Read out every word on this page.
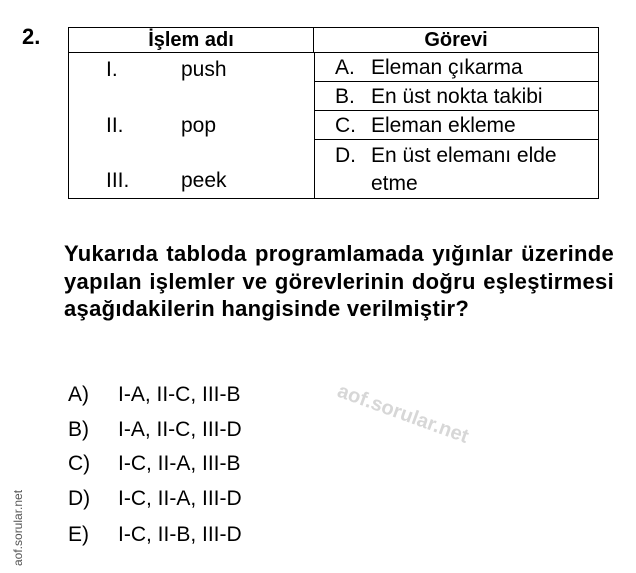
2.	İşlem adı	Görevi
I.	push
II.	pop
III. peek
A. Eleman çıkarma
B. En üst nokta takibi
C. Eleman ekleme
D. En üst elemanı elde
etme
Yukarıda tabloda programlamada yığınlar üzerinde yapılan işlemler ve görevlerinin doğru eşleştirmesi aşağıdakilerin hangisinde verilmiştir?
aof.sorular.net
A) I-A, II-C, III-B
B) I-A, II-C, III-D
C) I-C, II-A, III-B
D) I-C, II-A, III-D
E) I-C, II-B, III-D
aof.sorular.net
